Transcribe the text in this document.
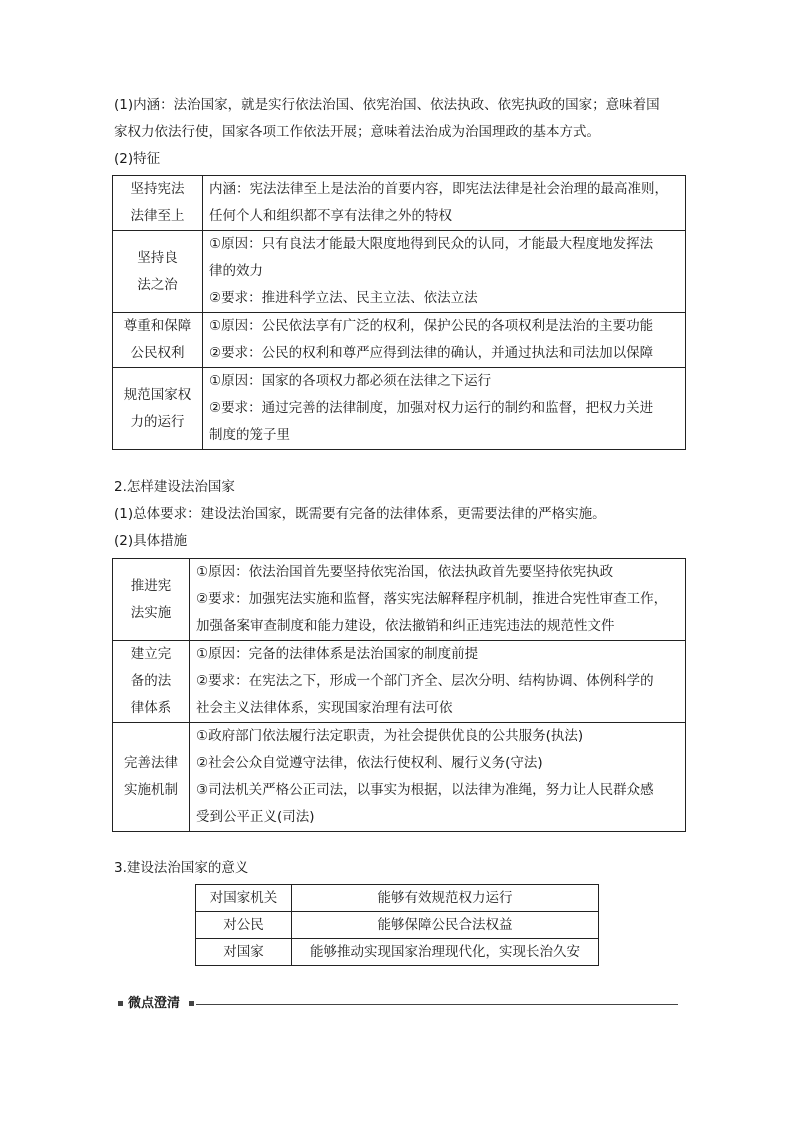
(1)内涵：法治国家，就是实行依法治国、依宪治国、依法执政、依宪执政的国家；意味着国
家权力依法行使，国家各项工作依法开展；意味着法治成为治国理政的基本方式。
(2)特征
坚持宪法
法律至上	内涵：宪法法律至上是法治的首要内容，即宪法法律是社会治理的最高准则，
任何个人和组织都不享有法律之外的特权

坚持良
法之治	①原因：只有良法才能最大限度地得到民众的认同，才能最大程度地发挥法
律的效力
②要求：推进科学立法、民主立法、依法立法

尊重和保障
公民权利	①原因：公民依法享有广泛的权利，保护公民的各项权利是法治的主要功能
②要求：公民的权利和尊严应得到法律的确认，并通过执法和司法加以保障

规范国家权
力的运行	①原因：国家的各项权力都必须在法律之下运行
②要求：通过完善的法律制度，加强对权力运行的制约和监督，把权力关进
制度的笼子里
2.怎样建设法治国家
(1)总体要求：建设法治国家，既需要有完备的法律体系，更需要法律的严格实施。
(2)具体措施
推进宪
法实施	①原因：依法治国首先要坚持依宪治国，依法执政首先要坚持依宪执政
②要求：加强宪法实施和监督，落实宪法解释程序机制，推进合宪性审查工作，
加强备案审查制度和能力建设，依法撤销和纠正违宪违法的规范性文件

建立完
备的法
律体系	①原因：完备的法律体系是法治国家的制度前提
②要求：在宪法之下，形成一个部门齐全、层次分明、结构协调、体例科学的
社会主义法律体系，实现国家治理有法可依

完善法律
实施机制	①政府部门依法履行法定职责，为社会提供优良的公共服务(执法)
②社会公众自觉遵守法律，依法行使权利、履行义务(守法)
③司法机关严格公正司法，以事实为根据，以法律为准绳，努力让人民群众感
受到公平正义(司法)
3.建设法治国家的意义
对国家机关	能够有效规范权力运行
对公民	能够保障公民合法权益
对国家	能够推动实现国家治理现代化，实现长治久安
微点澄清
